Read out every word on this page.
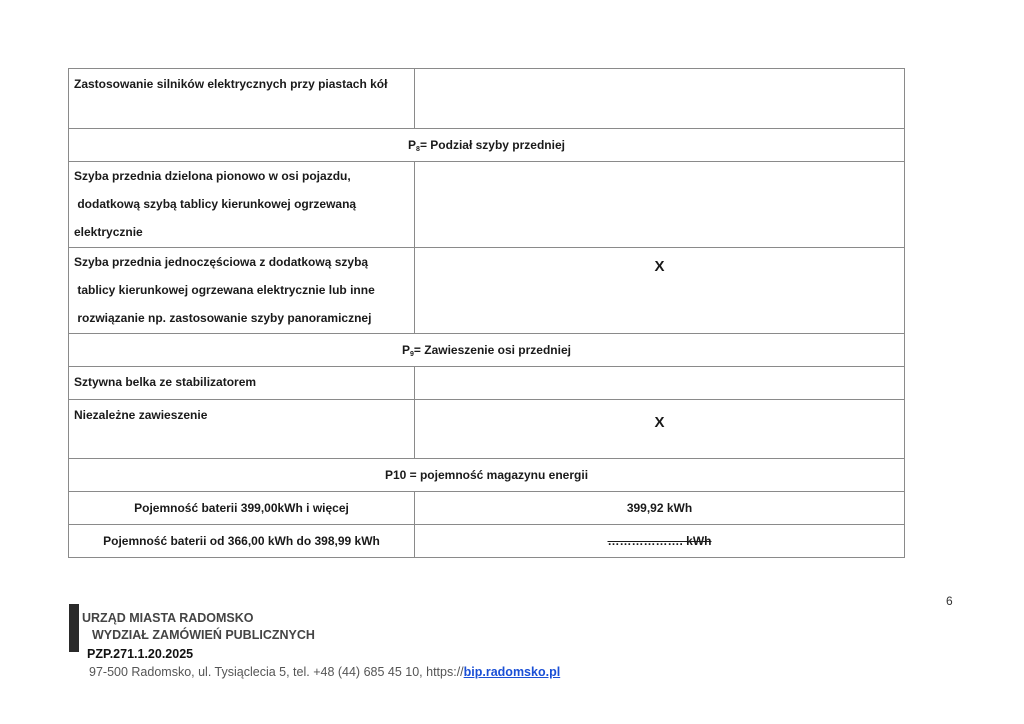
Zastosowanie silników elektrycznych przy piastach kół	

$P_8=$ Podział szyby przedniej	

Szyba przednia dzielona pionowo w osi pojazdu,
dodatkową szybą tablicy kierunkowej ogrzewaną
elektrycznie	

Szyba przednia jednoczęściowa z dodatkową szybą
tablicy kierunkowej ogrzewana elektrycznie lub inne
rozwiązanie np. zastosowanie szyby panoramicznej	X

$P_9=$ Zawieszenie osi przedniej	

Sztywna belka ze stabilizatorem	

Niezależne zawieszenie	X

P10 = pojemność magazynu energii	
Pojemność baterii 399,00kWh i więcej	399,92 kWh
Pojemność baterii od 366,00 kWh do 398,99 kWh	………………. kWh
6
URZĄD MIASTA RADOMSKO
WYDZIAŁ ZAMÓWIEŃ PUBLICZNYCH
PZP.271.1.20.2025
97-500 Radomsko, ul. Tysiąclecia 5, tel. +48 (44) 685 45 10, https://bip.radomsko.pl
